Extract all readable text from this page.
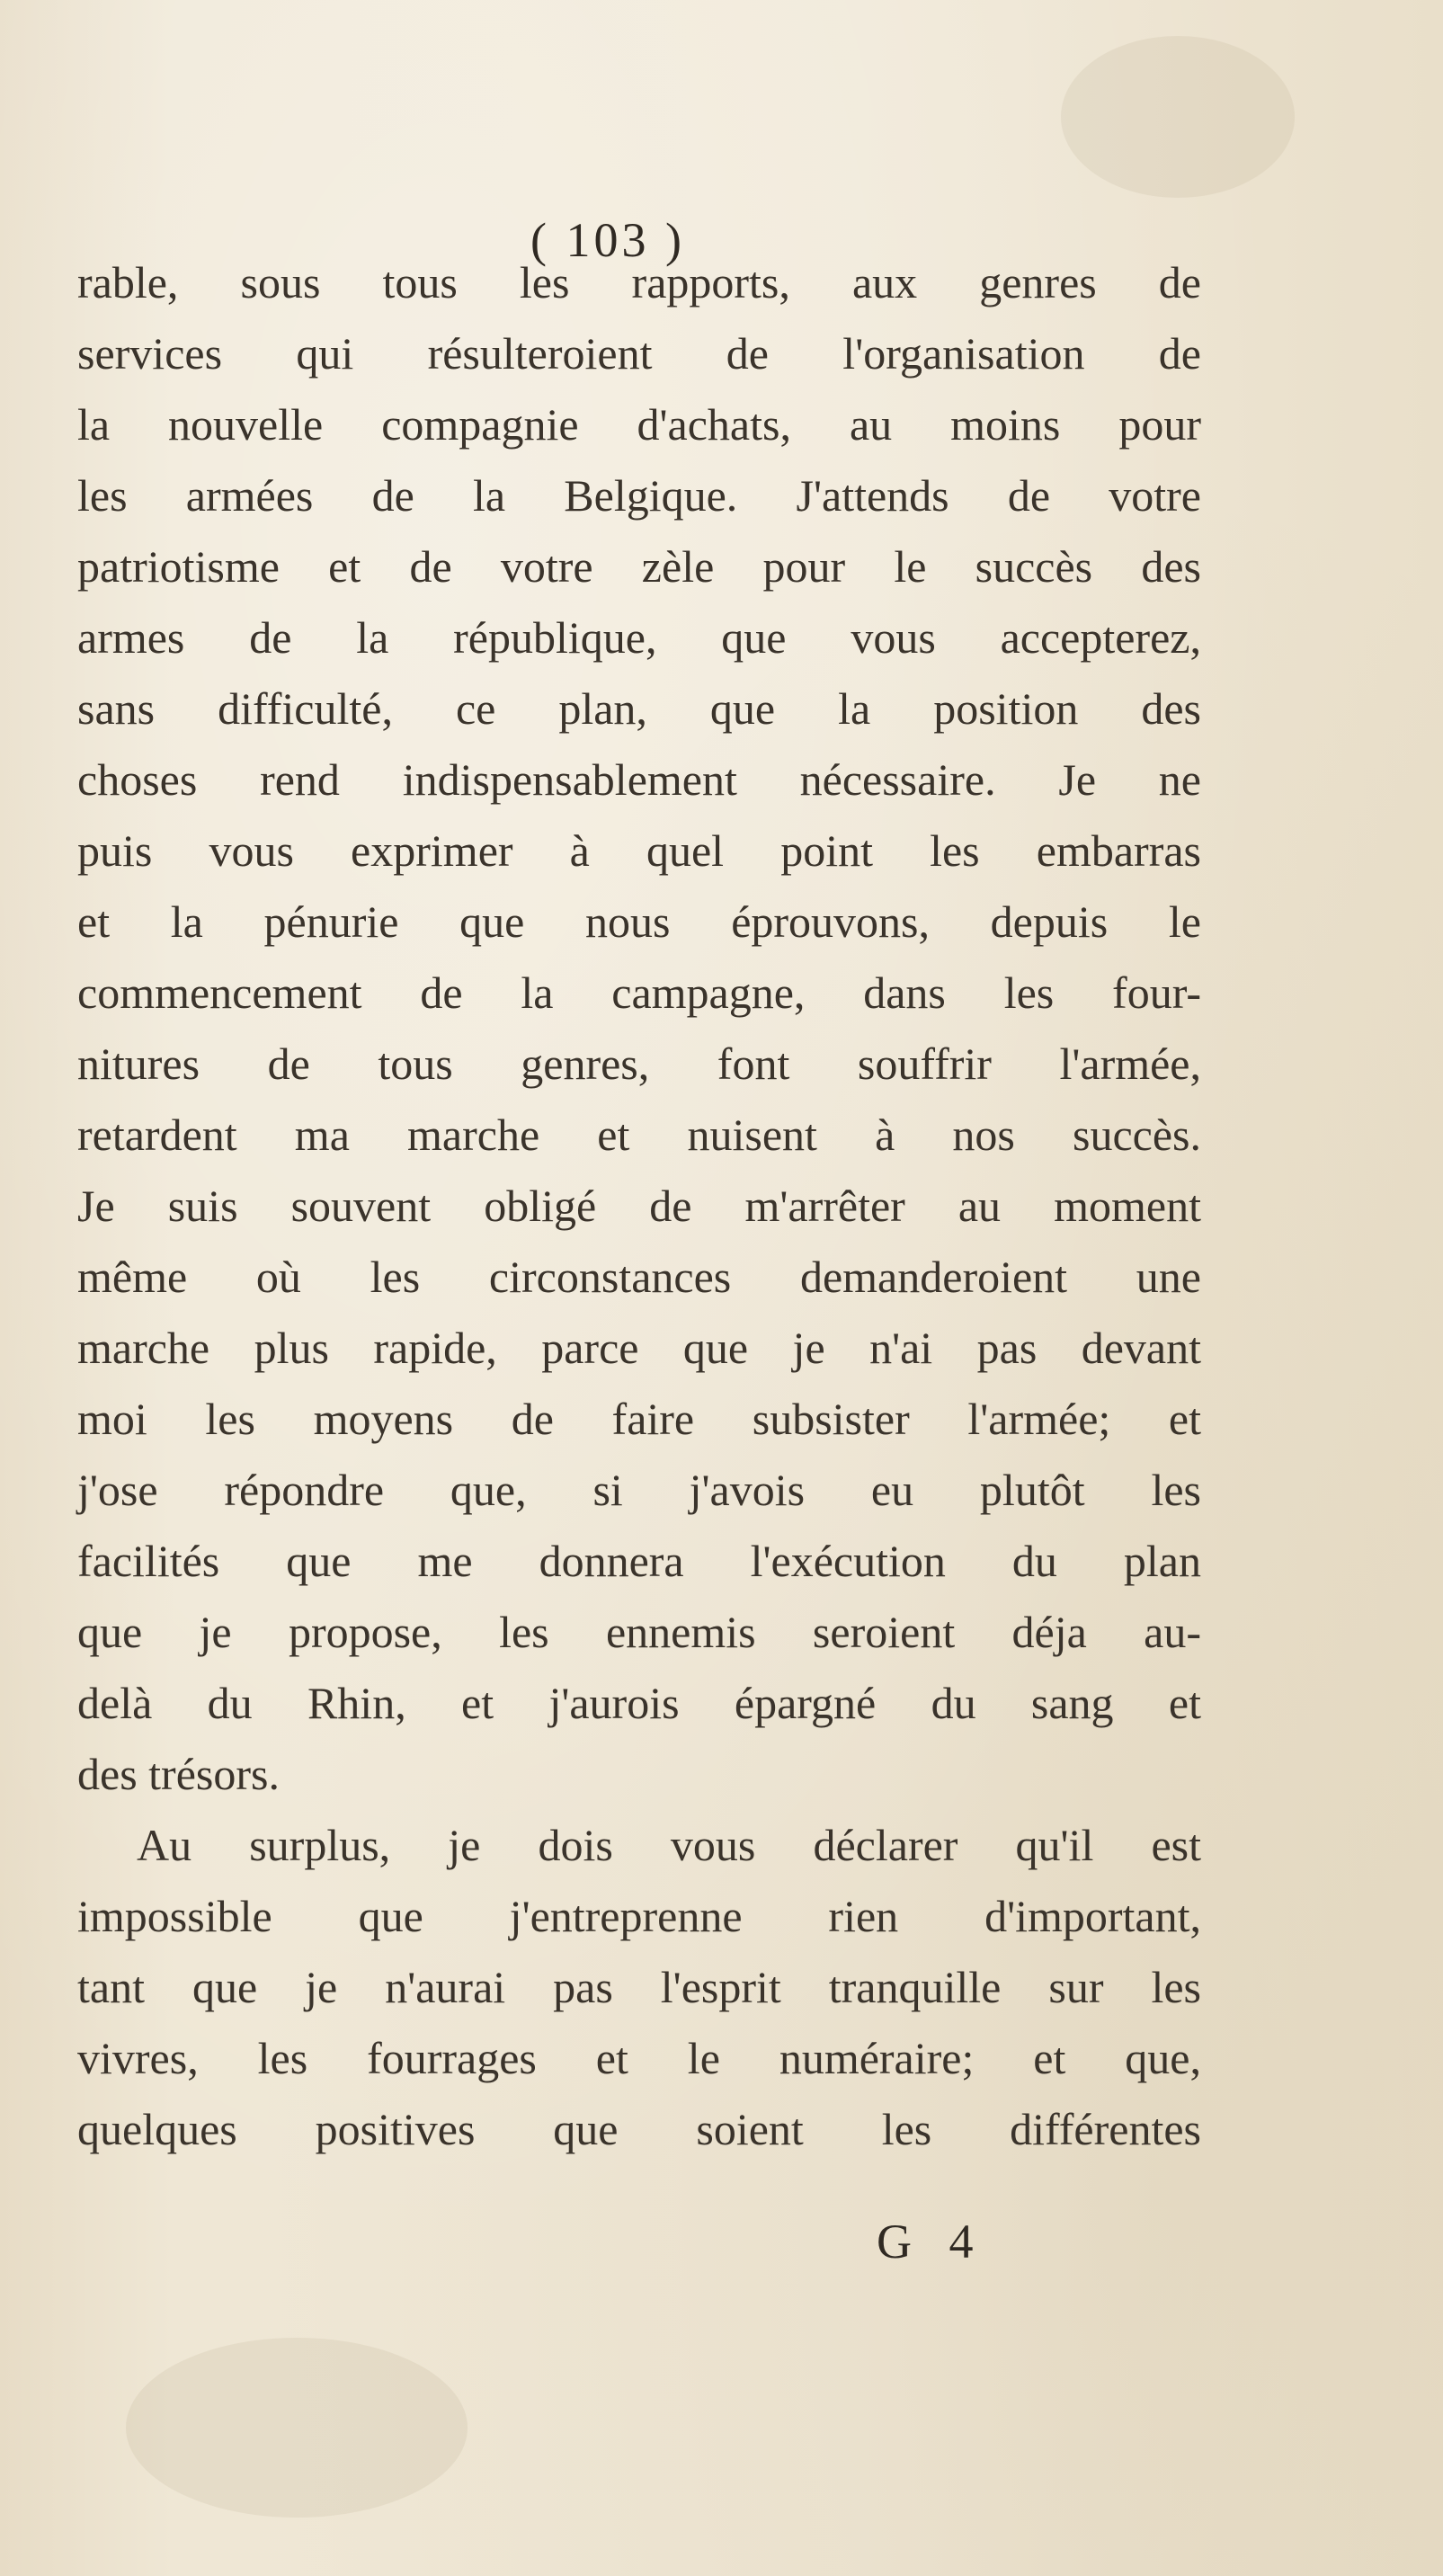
( 103 )
rable, sous tous les rapports, aux genres de
services qui résulteroient de l'organisation de
la nouvelle compagnie d'achats, au moins pour
les armées de la Belgique. J'attends de votre
patriotisme et de votre zèle pour le succès des
armes de la république, que vous accepterez,
sans difficulté, ce plan, que la position des
choses rend indispensablement nécessaire. Je ne
puis vous exprimer à quel point les embarras
et la pénurie que nous éprouvons, depuis le
commencement de la campagne, dans les four-
nitures de tous genres, font souffrir l'armée,
retardent ma marche et nuisent à nos succès.
Je suis souvent obligé de m'arrêter au moment
même où les circonstances demanderoient une
marche plus rapide, parce que je n'ai pas devant
moi les moyens de faire subsister l'armée; et
j'ose répondre que, si j'avois eu plutôt les
facilités que me donnera l'exécution du plan
que je propose, les ennemis seroient déja au-
delà du Rhin, et j'aurois épargné du sang et
des trésors.
Au surplus, je dois vous déclarer qu'il est
impossible que j'entreprenne rien d'important,
tant que je n'aurai pas l'esprit tranquille sur les
vivres, les fourrages et le numéraire; et que,
quelques positives que soient les différentes
G 4
